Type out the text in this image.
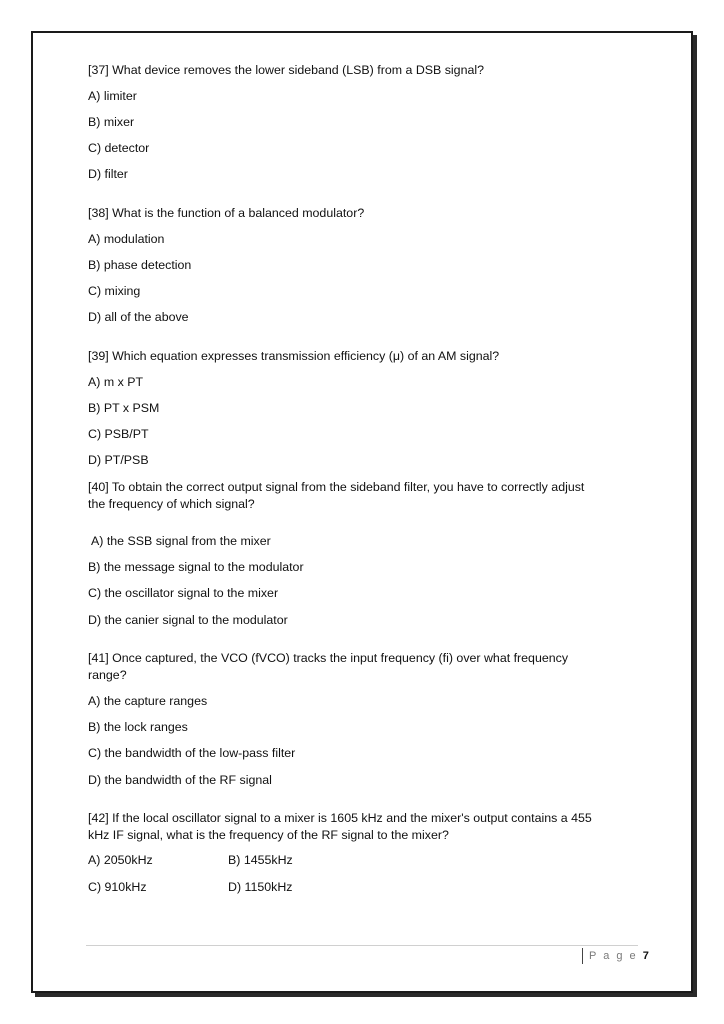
[37] What device removes the lower sideband (LSB) from a DSB signal?
A) limiter
B) mixer
C) detector
D) filter
[38] What is the function of a balanced modulator?
A) modulation
B) phase detection
C) mixing
D) all of the above
[39] Which equation expresses transmission efficiency (μ) of an AM signal?
A) m x PT
B) PT x PSM
C) PSB/PT
D) PT/PSB
[40] To obtain the correct output signal from the sideband filter, you have to correctly adjust
the frequency of which signal?
A) the SSB signal from the mixer
B) the message signal to the modulator
C) the oscillator signal to the mixer
D) the canier signal to the modulator
[41] Once captured, the VCO (fVCO) tracks the input frequency (fi) over what frequency
range?
A) the capture ranges
B) the lock ranges
C) the bandwidth of the low-pass filter
D) the bandwidth of the RF signal
[42] If the local oscillator signal to a mixer is 1605 kHz and the mixer's output contains a 455
kHz IF signal, what is the frequency of the RF signal to the mixer?
A) 2050kHz	B) 1455kHz
C) 910kHz	D) 1150kHz
P a g e 7
